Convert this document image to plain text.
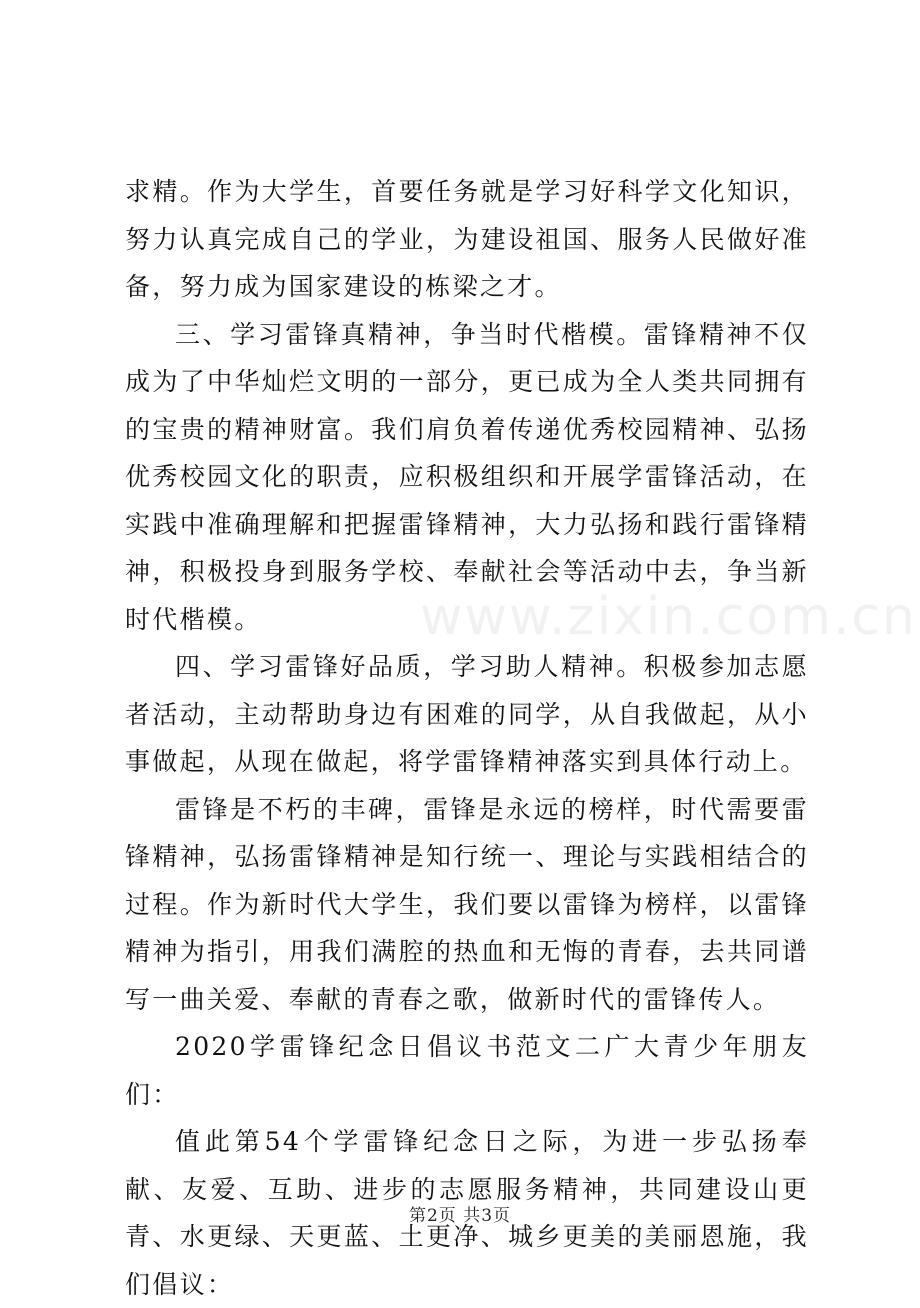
求精。作为大学生，首要任务就是学习好科学文化知识，努力认真完成自己的学业，为建设祖国、服务人民做好准备，努力成为国家建设的栋梁之才。

三、学习雷锋真精神，争当时代楷模。雷锋精神不仅成为了中华灿烂文明的一部分，更已成为全人类共同拥有的宝贵的精神财富。我们肩负着传递优秀校园精神、弘扬优秀校园文化的职责，应积极组织和开展学雷锋活动，在实践中准确理解和把握雷锋精神，大力弘扬和践行雷锋精神，积极投身到服务学校、奉献社会等活动中去，争当新时代楷模。

四、学习雷锋好品质，学习助人精神。积极参加志愿者活动，主动帮助身边有困难的同学，从自我做起，从小事做起，从现在做起，将学雷锋精神落实到具体行动上。

雷锋是不朽的丰碑，雷锋是永远的榜样，时代需要雷锋精神，弘扬雷锋精神是知行统一、理论与实践相结合的过程。作为新时代大学生，我们要以雷锋为榜样，以雷锋精神为指引，用我们满腔的热血和无悔的青春，去共同谱写一曲关爱、奉献的青春之歌，做新时代的雷锋传人。

2020学雷锋纪念日倡议书范文二广大青少年朋友们：

值此第54个学雷锋纪念日之际，为进一步弘扬奉献、友爱、互助、进步的志愿服务精神，共同建设山更青、水更绿、天更蓝、土更净、城乡更美的美丽恩施，我们倡议：

www.zixin.com.cn
第2页 共3页
